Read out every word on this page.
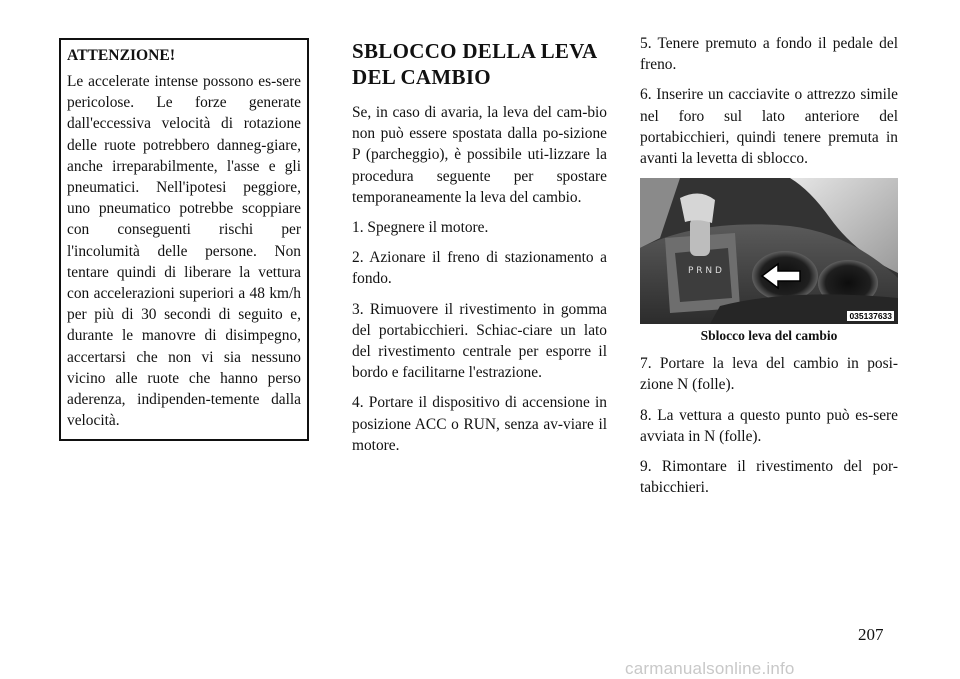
ATTENZIONE!

Le accelerate intense possono es-sere pericolose. Le forze generate dall'eccessiva velocità di rotazione delle ruote potrebbero danneg-giare, anche irreparabilmente, l'asse e gli pneumatici. Nell'ipotesi peggiore, uno pneumatico potrebbe scoppiare con conseguenti rischi per l'incolumità delle persone. Non tentare quindi di liberare la vettura con accelerazioni superiori a 48 km/h per più di 30 secondi di seguito e, durante le manovre di disimpegno, accertarsi che non vi sia nessuno vicino alle ruote che hanno perso aderenza, indipenden-temente dalla velocità.

SBLOCCO DELLA LEVA DEL CAMBIO

Se, in caso di avaria, la leva del cam-bio non può essere spostata dalla po-sizione P (parcheggio), è possibile uti-lizzare la procedura seguente per spostare temporaneamente la leva del cambio.

1. Spegnere il motore.

2. Azionare il freno di stazionamento a fondo.

3. Rimuovere il rivestimento in gomma del portabicchieri. Schiac-ciare un lato del rivestimento centrale per esporre il bordo e facilitarne l'estrazione.

4. Portare il dispositivo di accensione in posizione ACC o RUN, senza av-viare il motore.

5. Tenere premuto a fondo il pedale del freno.

6. Inserire un cacciavite o attrezzo simile nel foro sul lato anteriore del portabicchieri, quindi tenere premuta in avanti la levetta di sblocco.

P R N D
035137633
Sblocco leva del cambio

7. Portare la leva del cambio in posi-zione N (folle).

8. La vettura a questo punto può es-sere avviata in N (folle).

9. Rimontare il rivestimento del por-tabicchieri.

207
carmanualsonline.info
